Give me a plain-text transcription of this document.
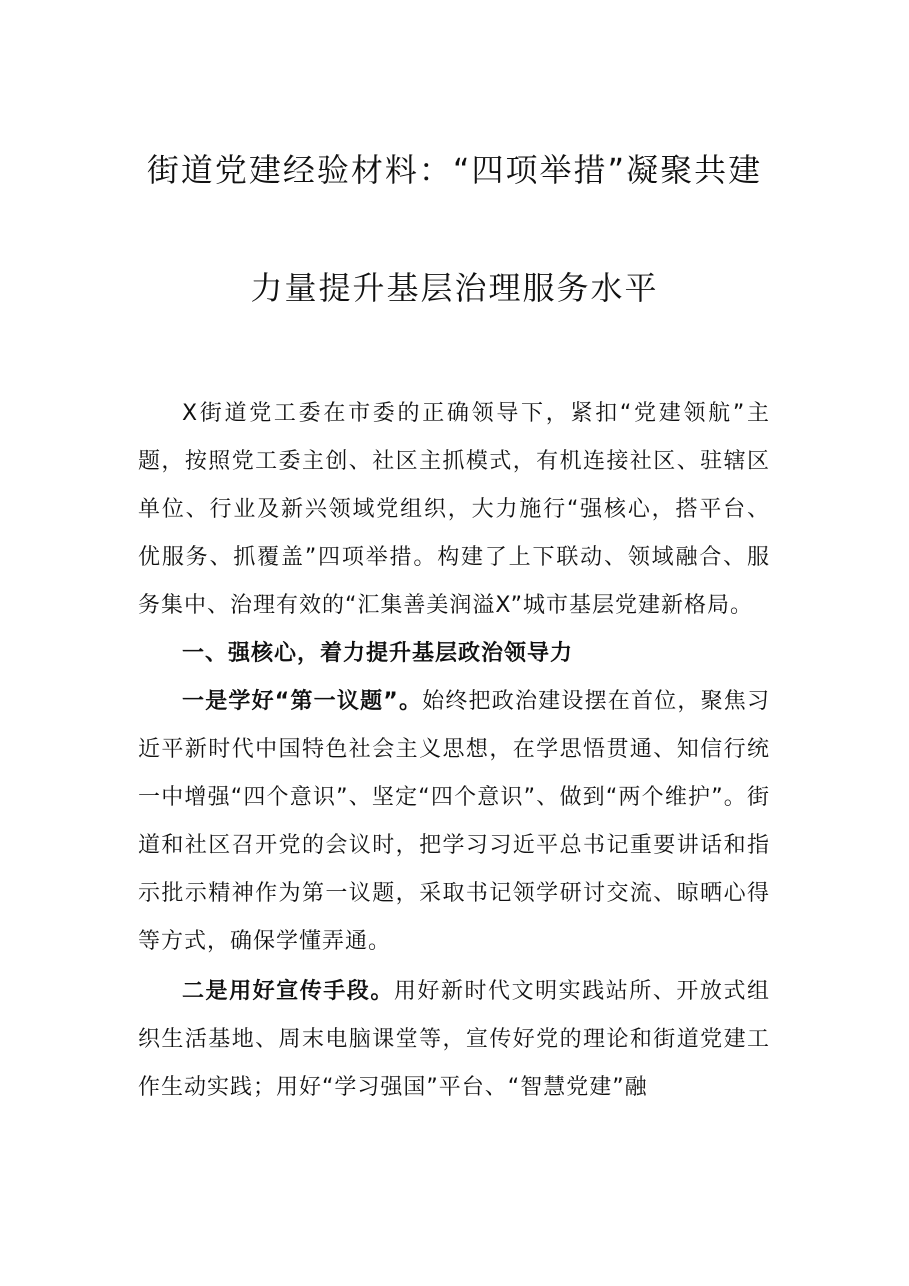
街道党建经验材料：“四项举措”凝聚共建
力量提升基层治理服务水平

X街道党工委在市委的正确领导下，紧扣“党建领航”主题，按照党工委主创、社区主抓模式，有机连接社区、驻辖区单位、行业及新兴领域党组织，大力施行“强核心，搭平台、优服务、抓覆盖”四项举措。构建了上下联动、领域融合、服务集中、治理有效的“汇集善美润溢X”城市基层党建新格局。

一、强核心，着力提升基层政治领导力

一是学好“第一议题”。始终把政治建设摆在首位，聚焦习近平新时代中国特色社会主义思想，在学思悟贯通、知信行统一中增强“四个意识”、坚定“四个意识”、做到“两个维护”。街道和社区召开党的会议时，把学习习近平总书记重要讲话和指示批示精神作为第一议题，采取书记领学研讨交流、晾晒心得等方式，确保学懂弄通。

二是用好宣传手段。用好新时代文明实践站所、开放式组织生活基地、周末电脑课堂等，宣传好党的理论和街道党建工作生动实践；用好“学习强国”平台、“智慧党建”融
